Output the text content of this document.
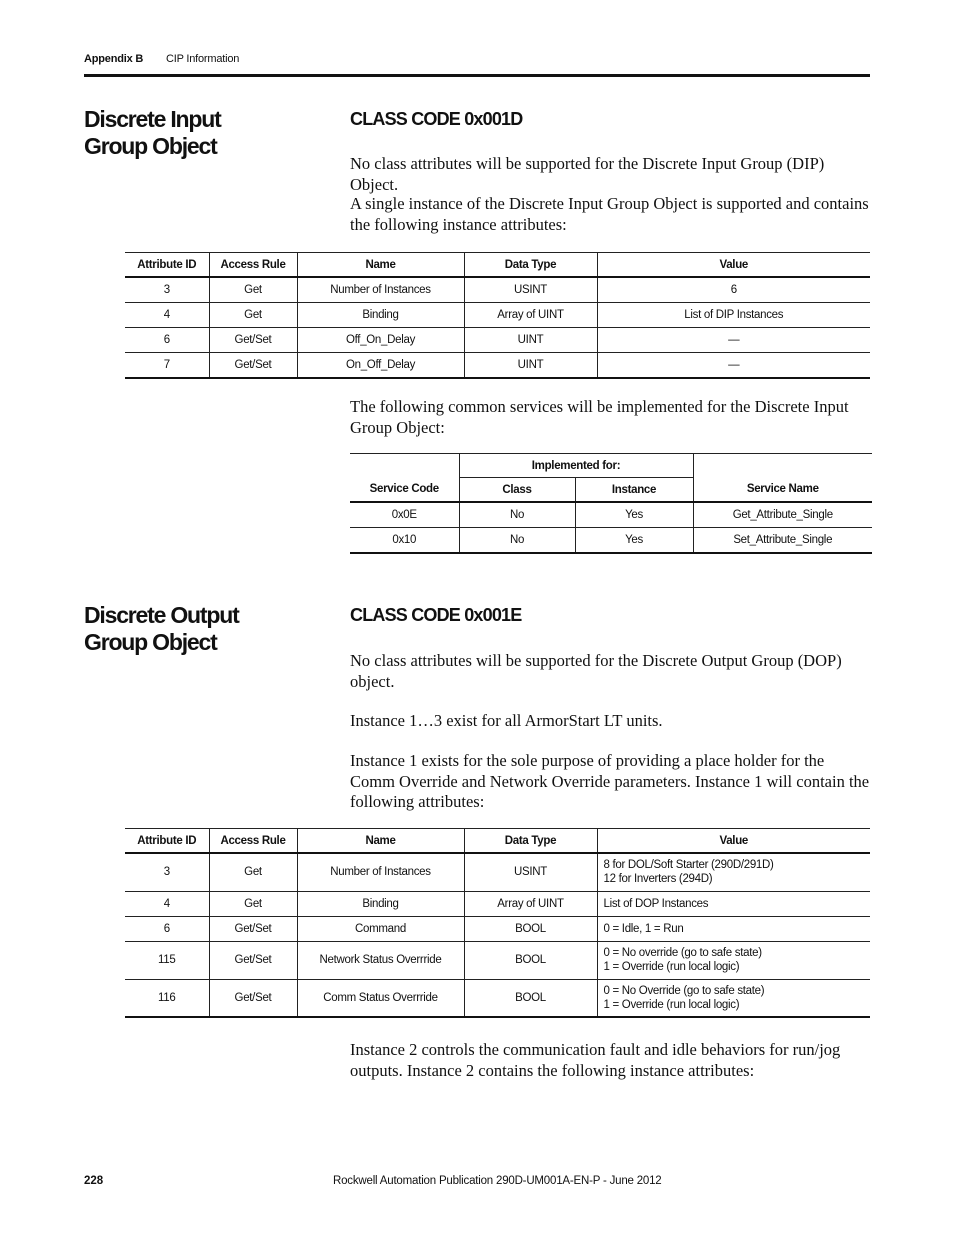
Appendix B CIP Information
Discrete Input
Group Object
CLASS CODE 0x001D
No class attributes will be supported for the Discrete Input Group (DIP) Object.
A single instance of the Discrete Input Group Object is supported and contains the following instance attributes:
Attribute ID	Access Rule	Name	Data Type	Value
3	Get	Number of Instances	USINT	6
4	Get	Binding	Array of UINT	List of DIP Instances
6	Get/Set	Off_On_Delay	UINT	—
7	Get/Set	On_Off_Delay	UINT	—
The following common services will be implemented for the Discrete Input Group Object:
Service Code	Implemented for:		Service Name
	Class	Instance	
0x0E	No	Yes	Get_Attribute_Single
0x10	No	Yes	Set_Attribute_Single
Discrete Output
Group Object
CLASS CODE 0x001E
No class attributes will be supported for the Discrete Output Group (DOP) object.
Instance 1…3 exist for all ArmorStart LT units.
Instance 1 exists for the sole purpose of providing a place holder for the Comm Override and Network Override parameters. Instance 1 will contain the following attributes:
Attribute ID	Access Rule	Name	Data Type	Value
3	Get	Number of Instances	USINT	8 for DOL/Soft Starter (290D/291D)
12 for Inverters (294D)

4	Get	Binding	Array of UINT	List of DOP Instances
6	Get/Set	Command	BOOL	0 = Idle, 1 = Run
115	Get/Set	Network Status Overrride	BOOL	0 = No override (go to safe state)
1 = Override (run local logic)

116	Get/Set	Comm Status Overrride	BOOL	0 = No Override (go to safe state)
1 = Override (run local logic)
Instance 2 controls the communication fault and idle behaviors for run/jog outputs. Instance 2 contains the following instance attributes:
228	Rockwell Automation Publication 290D-UM001A-EN-P - June 2012
